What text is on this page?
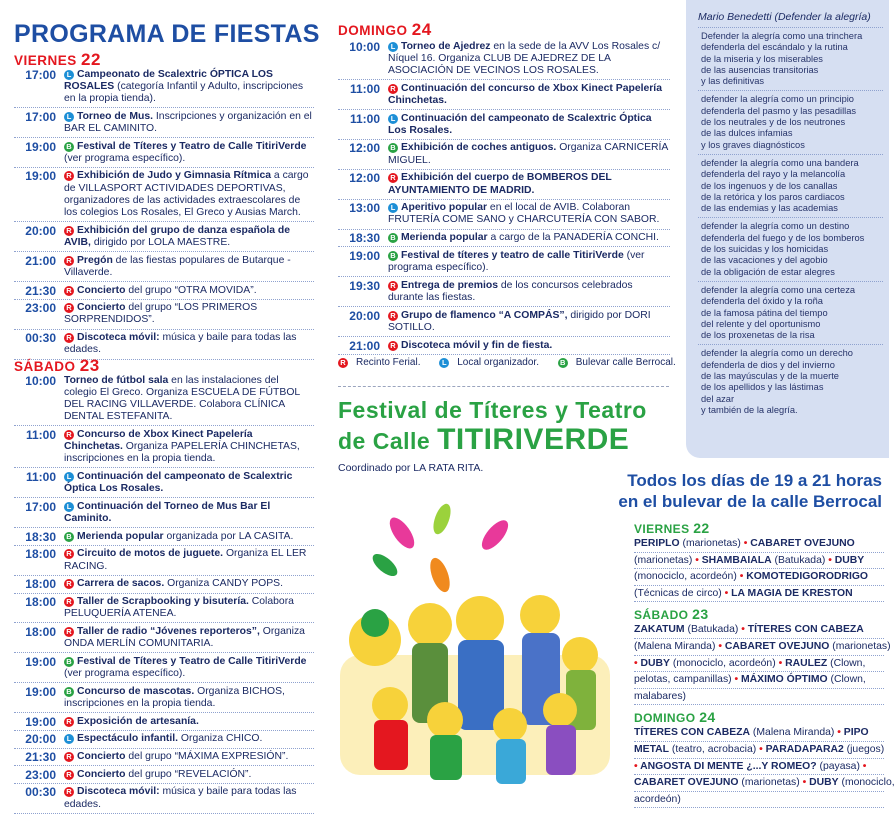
PROGRAMA DE FIESTAS
VIERNES 22
17:00	L Campeonato de Scalextric ÓPTICA LOS ROSALES (categoría Infantil y Adulto, inscripciones en la propia tienda).
17:00	L Torneo de Mus. Inscripciones y organización en el BAR EL CAMINITO.
19:00	B Festival de Títeres y Teatro de Calle TitiriVerde (ver programa específico).
19:00	R Exhibición de Judo y Gimnasia Rítmica a cargo de VILLASPORT ACTIVIDADES DEPORTIVAS, organizadores de las actividades extraescolares de los colegios Los Rosales, El Greco y Ausias March.
20:00	R Exhibición del grupo de danza española de AVIB, dirigido por LOLA MAESTRE.
21:00	R Pregón de las fiestas populares de Butarque - Villaverde.
21:30	R Concierto del grupo “OTRA MOVIDA”.
23:00	R Concierto del grupo “LOS PRIMEROS SORPRENDIDOS”.
00:30	R Discoteca móvil: música y baile para todas las edades.
SÁBADO 23
10:00 Torneo de fútbol sala en las instalaciones del colegio El Greco. Organiza ESCUELA DE FÚTBOL DEL RACING VILLAVERDE. Colabora CLÍNICA DENTAL ESTEFANITA.
11:00	R Concurso de Xbox Kinect Papelería Chinchetas. Organiza PAPELERÍA CHINCHETAS, inscripciones en la propia tienda.
11:00	L Continuación del campeonato de Scalextric Óptica Los Rosales.
17:00	L Continuación del Torneo de Mus Bar El Caminito.
18:30	B Merienda popular organizada por LA CASITA.
18:00	R Circuito de motos de juguete. Organiza EL LER RACING.
18:00	R Carrera de sacos. Organiza CANDY POPS.
18:00	R Taller de Scrapbooking y bisutería. Colabora PELUQUERÍA ATENEA.
18:00	R Taller de radio “Jóvenes reporteros”, Organiza ONDA MERLÍN COMUNITARIA.
19:00	B Festival de Títeres y Teatro de Calle TitiriVerde (ver programa específico).
19:00	B Concurso de mascotas. Organiza BICHOS, inscripciones en la propia tienda.
19:00	R Exposición de artesanía.
20:00	L Espectáculo infantil. Organiza CHICO.
21:30	R Concierto del grupo “MÁXIMA EXPRESIÓN”.
23:00	R Concierto del grupo “REVELACIÓN”.
00:30	R Discoteca móvil: música y baile para todas las edades.
DOMINGO 24
10:00	L Torneo de Ajedrez en la sede de la AVV Los Rosales c/ Níquel 16. Organiza CLUB DE AJEDREZ DE LA ASOCIACIÓN DE VECINOS LOS ROSALES.
11:00	R Continuación del concurso de Xbox Kinect Papelería Chinchetas.
11:00	L Continuación del campeonato de Scalextric Óptica Los Rosales.
12:00	B Exhibición de coches antiguos. Organiza CARNICERÍA MIGUEL.
12:00	R Exhibición del cuerpo de BOMBEROS DEL AYUNTAMIENTO DE MADRID.
13:00	L Aperitivo popular en el local de AVIB. Colaboran FRUTERÍA COME SANO y CHARCUTERÍA CON SABOR.
18:30	B Merienda popular a cargo de la PANADERÍA CONCHI.
19:00	B Festival de títeres y teatro de calle TitiriVerde (ver programa específico).
19:30	R Entrega de premios de los concursos celebrados durante las fiestas.
20:00	R Grupo de flamenco “A COMPÁS”, dirigido por DORI SOTILLO.
21:00	R Discoteca móvil y fin de fiesta.
R Recinto Ferial.	L Local organizador.	B Bulevar calle Berrocal.
Festival de Títeres y Teatro
de Calle TITIRIVERDE
Coordinado por LA RATA RITA.
Mario Benedetti (Defender la alegría)
Defender la alegría como una trinchera
defenderla del escándalo y la rutina
de la miseria y los miserables
de las ausencias transitorias
y las definitivas
defender la alegría como un principio
defenderla del pasmo y las pesadillas
de los neutrales y de los neutrones
de las dulces infamias
y los graves diagnósticos
defender la alegría como una bandera
defenderla del rayo y la melancolía
de los ingenuos y de los canallas
de la retórica y los paros cardiacos
de las endemias y las academias
defender la alegría como un destino
defenderla del fuego y de los bomberos
de los suicidas y los homicidas
de las vacaciones y del agobio
de la obligación de estar alegres
defender la alegría como una certeza
defenderla del óxido y la roña
de la famosa pátina del tiempo
del relente y del oportunismo
de los proxenetas de la risa
defender la alegría como un derecho
defenderla de dios y del invierno
de las mayúsculas y de la muerte
de los apellidos y las lástimas
del azar
y también de la alegría.
Todos los días de 19 a 21 horas
en el bulevar de la calle Berrocal
VIERNES 22
PERIPLO (marionetas) • CABARET OVEJUNO
(marionetas) • SHAMBAIALA (Batukada) • DUBY
(monociclo, acordeón) • KOMOTEDIGORODRIGO
(Técnicas de circo) • LA MAGIA DE KRESTON
SÁBADO 23
ZAKATUM (Batukada) • TÍTERES CON CABEZA
(Malena Miranda) • CABARET OVEJUNO (marionetas)
• DUBY (monociclo, acordeón) • RAULEZ (Clown,
pelotas, campanillas) • MÁXIMO ÓPTIMO (Clown,
malabares)
DOMINGO 24
TÍTERES CON CABEZA (Malena Miranda) • PIPO
METAL (teatro, acrobacia) • PARADAPARA2 (juegos)
• ANGOSTA DI MENTE ¿...Y ROMEO? (payasa) •
CABARET OVEJUNO (marionetas) • DUBY (monociclo,
acordeón)
